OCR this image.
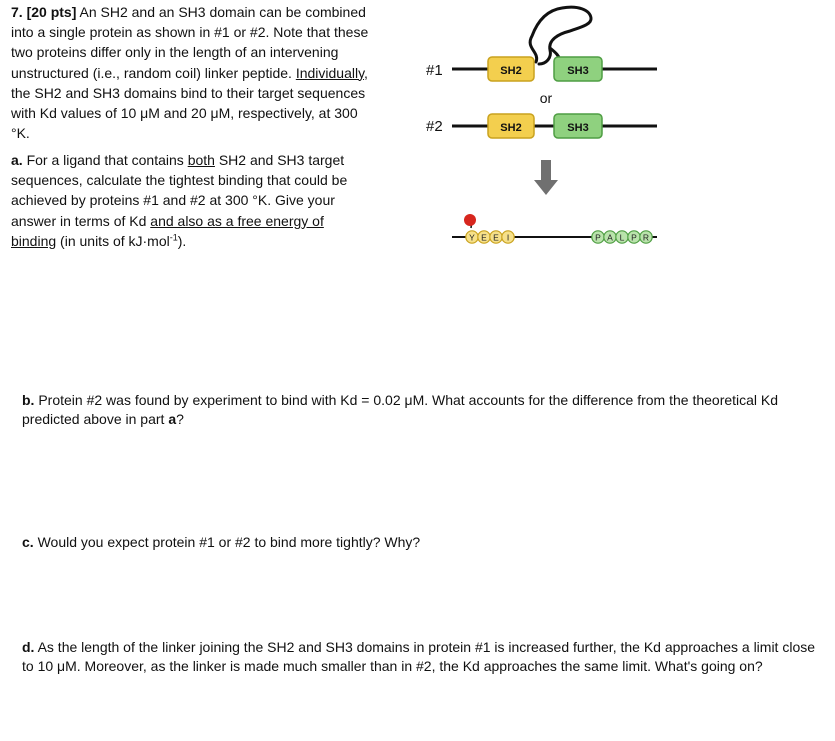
7. [20 pts] An SH2 and an SH3 domain can be combined into a single protein as shown in #1 or #2. Note that these two proteins differ only in the length of an intervening unstructured (i.e., random coil) linker peptide. Individually, the SH2 and SH3 domains bind to their target sequences with Kd values of 10 μM and 20 μM, respectively, at 300 °K.
a. For a ligand that contains both SH2 and SH3 target sequences, calculate the tightest binding that could be achieved by proteins #1 and #2 at 300 °K. Give your answer in terms of Kd and also as a free energy of binding (in units of kJ·mol$^{-1}$).
b. Protein #2 was found by experiment to bind with Kd = 0.02 μM. What accounts for the difference from the theoretical Kd predicted above in part a?
c. Would you expect protein #1 or #2 to bind more tightly? Why?
d. As the length of the linker joining the SH2 and SH3 domains in protein #1 is increased further, the Kd approaches a limit close to 10 μM. Moreover, as the linker is made much smaller than in #2, the Kd approaches the same limit. What's going on?
#1	SH2	SH3
or
#2	SH2	SH3
Y E E I	P A L P R
